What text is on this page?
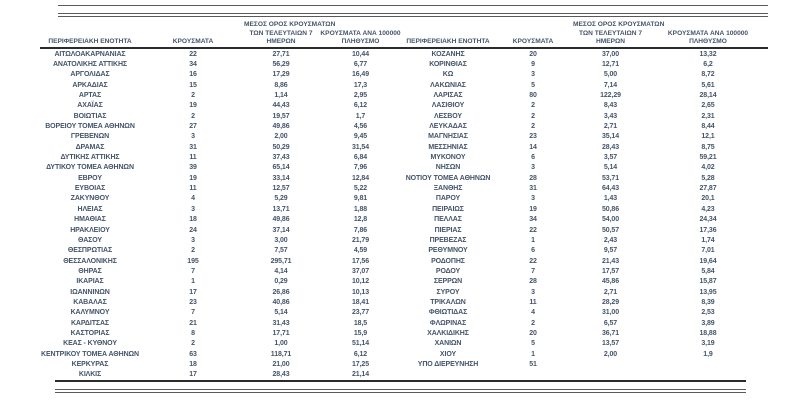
ΠΕΡΙΦΕΡΕΙΑΚΗ ΕΝΟΤΗΤΑ	ΚΡΟΥΣΜΑΤΑ
ΜΕΣΟΣ ΟΡΟΣ ΚΡΟΥΣΜΑΤΩΝ
ΤΩΝ ΤΕΛΕΥΤΑΙΩΝ 7
ΗΜΕΡΩΝ
ΚΡΟΥΣΜΑΤΑ ΑΝΑ 100000
ΠΛΗΘΥΣΜΟ
ΑΙΤΩΛΟΑΚΑΡΝΑΝΙΑΣ	22	27,71	10,44
ΑΝΑΤΟΛΙΚΗΣ ΑΤΤΙΚΗΣ	34	56,29	6,77
ΑΡΓΟΛΙΔΑΣ	16	17,29	16,49
ΑΡΚΑΔΙΑΣ	15	8,86	17,3
ΑΡΤΑΣ	2	1,14	2,95
ΑΧΑΪΑΣ	19	44,43	6,12
ΒΟΙΩΤΙΑΣ	2	19,57	1,7
ΒΟΡΕΙΟΥ ΤΟΜΕΑ ΑΘΗΝΩΝ	27	49,86	4,56
ΓΡΕΒΕΝΩΝ	3	2,00	9,45
ΔΡΑΜΑΣ	31	50,29	31,54
ΔΥΤΙΚΗΣ ΑΤΤΙΚΗΣ	11	37,43	6,84
ΔΥΤΙΚΟΥ ΤΟΜΕΑ ΑΘΗΝΩΝ	39	65,14	7,96
ΕΒΡΟΥ	19	33,14	12,84
ΕΥΒΟΙΑΣ	11	12,57	5,22
ΖΑΚΥΝΘΟΥ	4	5,29	9,81
ΗΛΕΙΑΣ	3	13,71	1,88
ΗΜΑΘΙΑΣ	18	49,86	12,8
ΗΡΑΚΛΕΙΟΥ	24	37,14	7,86
ΘΑΣΟΥ	3	3,00	21,79
ΘΕΣΠΡΩΤΙΑΣ	2	7,57	4,59
ΘΕΣΣΑΛΟΝΙΚΗΣ	195	295,71	17,56
ΘΗΡΑΣ	7	4,14	37,07
ΙΚΑΡΙΑΣ	1	0,29	10,12
ΙΩΑΝΝΙΝΩΝ	17	26,86	10,13
ΚΑΒΑΛΑΣ	23	40,86	18,41
ΚΑΛΥΜΝΟΥ	7	5,14	23,77
ΚΑΡΔΙΤΣΑΣ	21	31,43	18,5
ΚΑΣΤΟΡΙΑΣ	8	17,71	15,9
ΚΕΑΣ - ΚΥΘΝΟΥ	2	1,00	51,14
ΚΕΝΤΡΙΚΟΥ ΤΟΜΕΑ ΑΘΗΝΩΝ	63	118,71	6,12
ΚΕΡΚΥΡΑΣ	18	21,00	17,25
ΚΙΛΚΙΣ	17	28,43	21,14
ΠΕΡΙΦΕΡΕΙΑΚΗ ΕΝΟΤΗΤΑ	ΚΡΟΥΣΜΑΤΑ
ΜΕΣΟΣ ΟΡΟΣ ΚΡΟΥΣΜΑΤΩΝ
ΤΩΝ ΤΕΛΕΥΤΑΙΩΝ 7
ΗΜΕΡΩΝ
ΚΡΟΥΣΜΑΤΑ ΑΝΑ 100000
ΠΛΗΘΥΣΜΟ
ΚΟΖΑΝΗΣ	20	37,00	13,32
ΚΟΡΙΝΘΙΑΣ	9	12,71	6,2
ΚΩ	3	5,00	8,72
ΛΑΚΩΝΙΑΣ	5	7,14	5,61
ΛΑΡΙΣΑΣ	80	122,29	28,14
ΛΑΣΙΘΙΟΥ	2	8,43	2,65
ΛΕΣΒΟΥ	2	3,43	2,31
ΛΕΥΚΑΔΑΣ	2	2,71	8,44
ΜΑΓΝΗΣΙΑΣ	23	35,14	12,1
ΜΕΣΣΗΝΙΑΣ	14	28,43	8,75
ΜΥΚΟΝΟΥ	6	3,57	59,21
ΝΗΣΩΝ	3	5,14	4,02
ΝΟΤΙΟΥ ΤΟΜΕΑ ΑΘΗΝΩΝ	28	53,71	5,28
ΞΑΝΘΗΣ	31	64,43	27,87
ΠΑΡΟΥ	3	1,43	20,1
ΠΕΙΡΑΙΩΣ	19	50,86	4,23
ΠΕΛΛΑΣ	34	54,00	24,34
ΠΙΕΡΙΑΣ	22	50,57	17,36
ΠΡΕΒΕΖΑΣ	1	2,43	1,74
ΡΕΘΥΜΝΟΥ	6	9,57	7,01
ΡΟΔΟΠΗΣ	22	21,43	19,64
ΡΟΔΟΥ	7	17,57	5,84
ΣΕΡΡΩΝ	28	45,86	15,87
ΣΥΡΟΥ	3	2,71	13,95
ΤΡΙΚΑΛΩΝ	11	28,29	8,39
ΦΘΙΩΤΙΔΑΣ	4	31,00	2,53
ΦΛΩΡΙΝΑΣ	2	6,57	3,89
ΧΑΛΚΙΔΙΚΗΣ	20	36,71	18,88
ΧΑΝΙΩΝ	5	13,57	3,19
ΧΙΟΥ	1	2,00	1,9
ΥΠΟ ΔΙΕΡΕΥΝΗΣΗ	51
